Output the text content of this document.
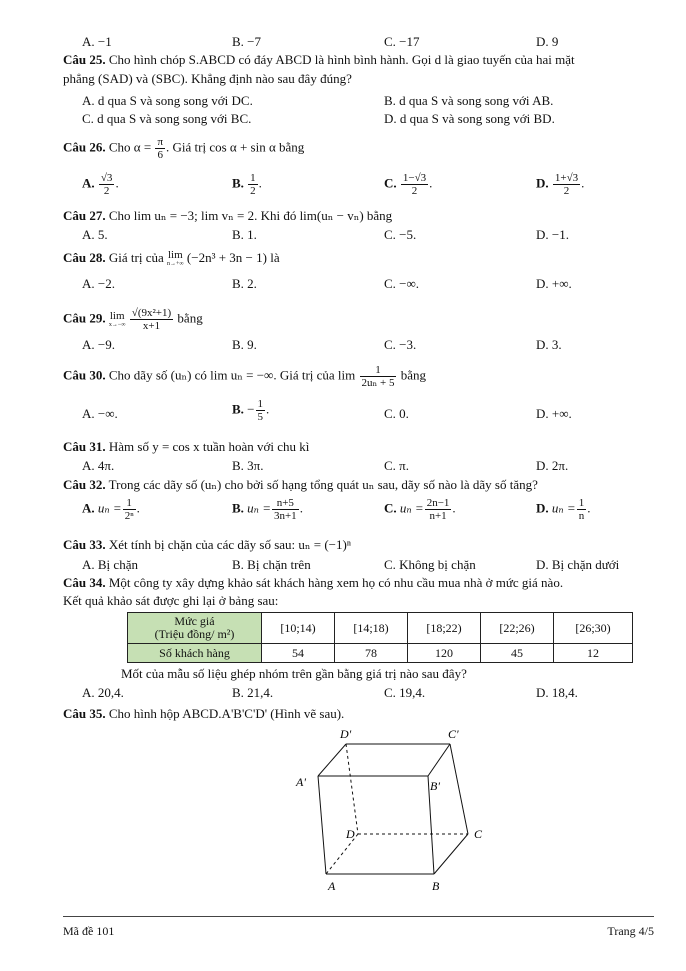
A. −1	B. −7	C. −17	D. 9
Câu 25. Cho hình chóp S.ABCD có đáy ABCD là hình bình hành. Gọi d là giao tuyến của hai mặt
phẳng (SAD) và (SBC). Khẳng định nào sau đây đúng?
A. d qua S và song song với DC.	B. d qua S và song song với AB.
C. d qua S và song song với BC.	D. d qua S và song song với BD.
Câu 26. Cho $\alpha = \frac{\pi}{6}$ . Giá trị cos α + sin α bằng
A. $\frac{√3}{2}$ .	B. $\frac{1}{2}$ .	C. $\frac{1-√3}{2}$ .	D. $\frac{1+√3}{2}$ .
Câu 27. Cho lim uₙ = −3; lim vₙ = 2. Khi đó lim(uₙ − vₙ) bằng
A. 5.	B. 1.	C. −5.	D. −1.
Câu 28. Giá trị của lim
n→+∞ (−2n³ + 3n − 1) là
A. −2.	B. 2.	C. −∞.	D. +∞.
Câu 29. lim
x→−∞
$\frac{\text{√(9x²+1)}}{x+1}$ bằng
A. −9.	B. 9.	C. −3.	D. 3.
Câu 30. Cho dãy số (uₙ) có lim uₙ = −∞. Giá trị của $\lim \frac{1}{\text{2uₙ + 5}}$ bằng
A. −∞.	B. − $\frac{1}{5}$ .	C. 0.	D. +∞.
Câu 31. Hàm số y = cos x tuần hoàn với chu kì
A. 4π.	B. 3π.	C. π.	D. 2π.
Câu 32. Trong các dãy số (uₙ) cho bởi số hạng tổng quát uₙ sau, dãy số nào là dãy số tăng?
A. $u_n = \frac{1}{\text{2ⁿ}}$ .	B. $u_n = \frac{n+5}{3n+1}$ .	C. $u_n = \frac{2n-1}{n+1}$ .	D. $u_n = \frac{1}{n}$ .
Câu 33. Xét tính bị chặn của các dãy số sau: uₙ = (−1)ⁿ
A. Bị chặn	B. Bị chặn trên	C. Không bị chặn	D. Bị chặn dưới
Câu 34. Một công ty xây dựng khảo sát khách hàng xem họ có nhu cầu mua nhà ở mức giá nào.
Kết quả khảo sát được ghi lại ở bảng sau:
Mức giá
(Triệu đồng/ m²)	[10;14)	[14;18)	[18;22)	[22;26)	[26;30)
Số khách hàng	54	78	120	45	12
Mốt của mẫu số liệu ghép nhóm trên gần bằng giá trị nào sau đây?
A. 20,4.	B. 21,4.	C. 19,4.	D. 18,4.
Câu 35. Cho hình hộp ABCD.A'B'C'D' (Hình vẽ sau).
D'	C'
A'	B'
D	C
A	B
Mã đề 101	Trang 4/5
